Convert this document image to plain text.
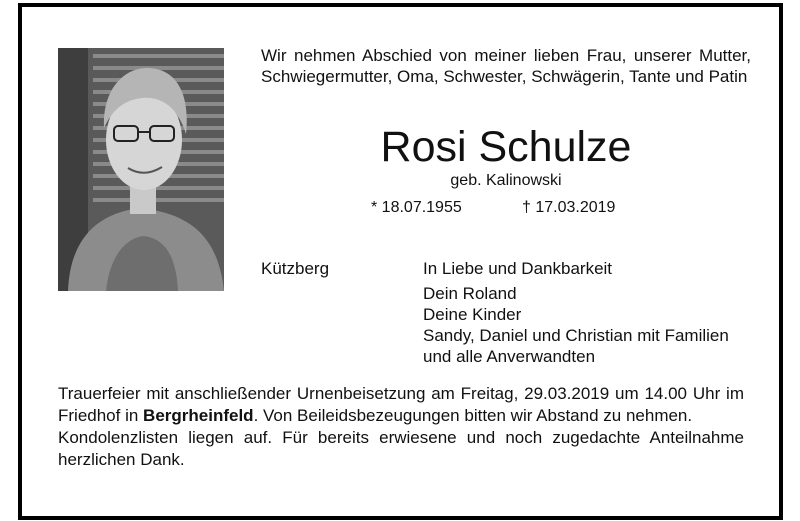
Wir nehmen Abschied von meiner lieben Frau, unserer Mutter, Schwiegermutter, Oma, Schwester, Schwägerin, Tante und Patin
Rosi Schulze
geb. Kalinowski
* 18.07.1955	† 17.03.2019
Kützberg	In Liebe und Dankbarkeit
Dein Roland
Deine Kinder
Sandy, Daniel und Christian mit Familien
und alle Anverwandten

Trauerfeier mit anschließender Urnenbeisetzung am Freitag, 29.03.2019 um 14.00 Uhr im Friedhof in Bergrheinfeld. Von Beileidsbezeugungen bitten wir Abstand zu nehmen.

Kondolenzlisten liegen auf. Für bereits erwiesene und noch zugedachte Anteilnahme herzlichen Dank.
